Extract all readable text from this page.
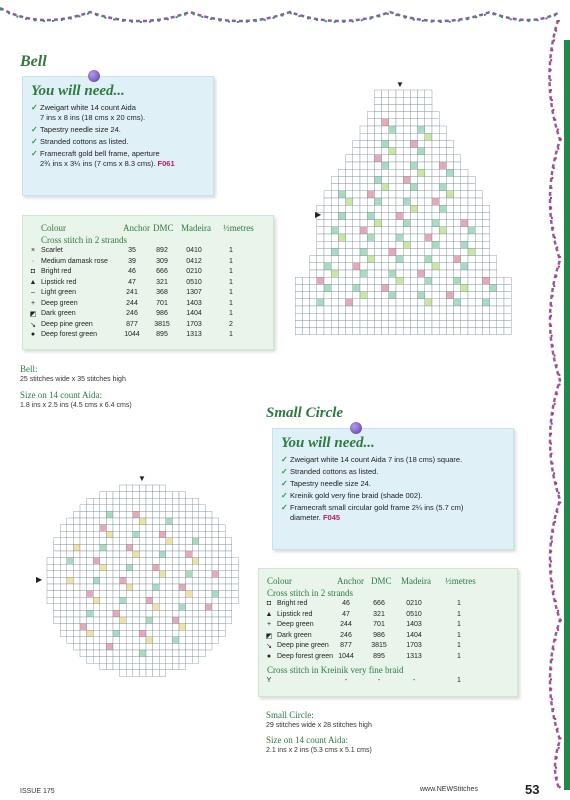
Bell
You will need...
✓ Zweigart white 14 count Aida
7 ins x 8 ins (18 cms x 20 cms).
✓ Tapestry needle size 24.
✓ Stranded cottons as listed.
✓ Framecraft gold bell frame, aperture
2¾ ins x 3¼ ins (7 cms x 8.3 cms). F061
Colour	Anchor DMC Madeira ½metres
Cross stitch in 2 strands
× Scarlet	35	892	0410	1
· Medium damask rose	39	309	0412	1
◘ Bright red	46	666	0210	1
▲ Lipstick red	47	321	0510	1
– Light green	241	368	1307	1
+ Deep green	244	701	1403	1
◩ Dark green	246	986	1404	1
↘ Deep pine green	877	3815	1703	2
● Deep forest green	1044	895	1313	1
Bell:
25 stitches wide x 35 stitches high
Size on 14 count Aida:
1.8 ins x 2.5 ins (4.5 cms x 6.4 cms)
▼
▶
Small Circle
You will need...
✓ Zweigart white 14 count Aida 7 ins (18 cms) square.
✓ Stranded cottons as listed.
✓ Tapestry needle size 24.
✓ Kreinik gold very fine braid (shade 002).
✓ Framecraft small circular gold frame 2¼ ins (5.7 cm)
diameter. F045
Colour	Anchor DMC Madeira ½metres
Cross stitch in 2 strands
◘ Bright red	46	666	0210	1
▲ Lipstick red	47	321	0510	1
+ Deep green	244	701	1403	1
◩ Dark green	246	986	1404	1
↘ Deep pine green	877	3815	1703	1
● Deep forest green 1044	895	1313	1
Cross stitch in Kreinik very fine braid
Y	-	-	-	1
Small Circle:
29 stitches wide x 28 stitches high
Size on 14 count Aida:
2.1 ins x 2 ins (5.3 cms x 5.1 cms)
▼
▶
ISSUE 175	www.NEWStitches	53
